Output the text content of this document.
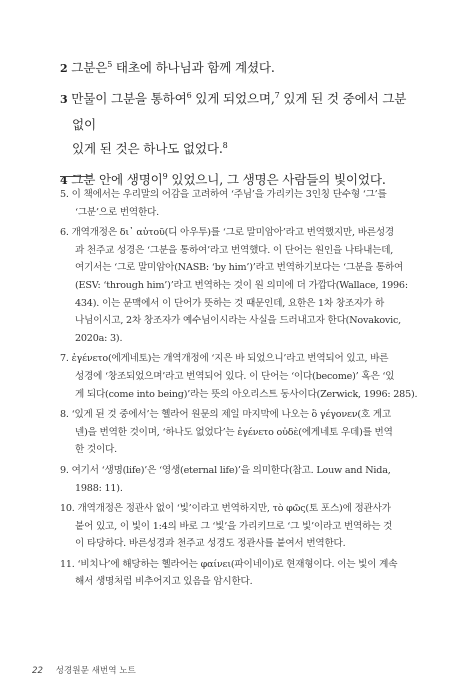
2 그분은$^5$ 태초에 하나님과 함께 계셨다.

3 만물이 그분을 통하여$^6$ 있게 되었으며,$^7$ 있게 된 것 중에서 그분 없이
있게 된 것은 하나도 없었다.$^8$

4 그분 안에 생명이$^9$ 있었으니, 그 생명은 사람들의 빛이었다.

5. 이 책에서는 우리말의 어감을 고려하여 ‘주님’을 가리키는 3인칭 단수형 ‘그’를
‘그분’으로 번역한다.

6. 개역개정은 δι᾽ αὐτοῦ(디 아우투)를 ‘그로 말미암아’라고 번역했지만, 바른성경
과 천주교 성경은 ‘그분을 통하여’라고 번역했다. 이 단어는 원인을 나타내는데,
여기서는 ‘그로 말미암아(NASB: ‘by him’)’라고 번역하기보다는 ‘그분을 통하여
(ESV: ‘through him’)’라고 번역하는 것이 원 의미에 더 가깝다(Wallace, 1996:
434). 이는 문맥에서 이 단어가 뜻하는 것 때문인데, 요한은 1차 창조자가 하
나님이시고, 2차 창조자가 예수님이시라는 사실을 드러내고자 한다(Novakovic,
2020a: 3).

7. ἐγένετο(에게네토)는 개역개정에 ‘지은 바 되었으니’라고 번역되어 있고, 바른
성경에 ‘창조되었으며’라고 번역되어 있다. 이 단어는 ‘이다(become)’ 혹은 ‘있
게 되다(come into being)’라는 뜻의 아오리스트 동사이다(Zerwick, 1996: 285).

8. ‘있게 된 것 중에서’는 헬라어 원문의 제일 마지막에 나오는 ὃ γέγονεν(호 게고
넨)을 번역한 것이며, ‘하나도 없었다’는 ἐγένετο οὐδὲ(에게네토 우데)를 번역
한 것이다.

9. 여기서 ‘생명(life)’은 ‘영생(eternal life)’을 의미한다(참고. Louw and Nida,
1988: 11).

10. 개역개정은 정관사 없이 ‘빛’이라고 번역하지만, τὸ φῶς(토 포스)에 정관사가
붙어 있고, 이 빛이 1:4의 바로 그 ‘빛’을 가리키므로 ‘그 빛’이라고 번역하는 것
이 타당하다. 바른성경과 천주교 성경도 정관사를 붙여서 번역한다.

11. ‘비치나’에 해당하는 헬라어는 φαίνει(파이네이)로 현재형이다. 이는 빛이 계속
해서 생명처럼 비추어지고 있음을 암시한다.

22 성경원문 새번역 노트
